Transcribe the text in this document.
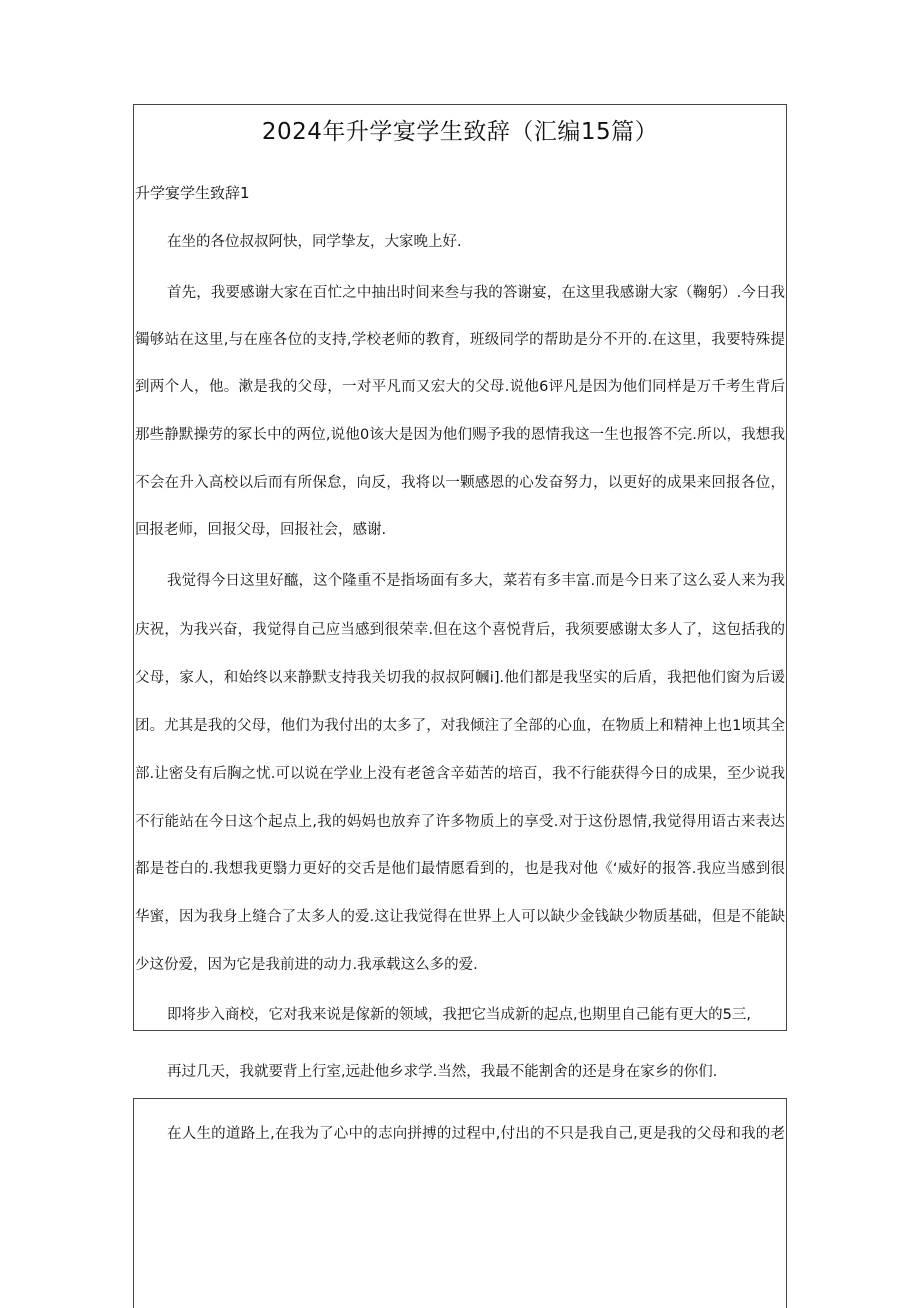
2024年升学宴学生致辞（汇编15篇）
升学宴学生致辞1
在坐的各位叔叔阿快，同学挚友，大家晚上好.
首先，我要感谢大家在百忙之中抽出时间来叁与我的答谢宴，在这里我感谢大家（鞠躬）.今日我
镯够站在这里,与在座各位的支持,学校老师的教育，班级同学的帮助是分不开的.在这里，我要特殊提
到两个人，他。漱是我的父母，一对平凡而又宏大的父母.说他6评凡是因为他们同样是万千考生背后
那些静默操劳的冢长中的两位,说他0该大是因为他们赐予我的恩情我这一生也报答不完.所以，我想我
不会在升入高校以后而有所保怠，向反，我将以一颗感恩的心发奋努力，以更好的成果来回报各位，
回报老师，回报父母，回报社会，感谢.
我觉得今日这里好醯，这个隆重不是指场面有多大，菜若有多丰富.而是今日来了这么妥人来为我
庆祝，为我兴奋，我觉得自己应当感到很荣幸.但在这个喜悦背后，我须要感谢太多人了，这包括我的
父母，家人，和始终以来静默支持我关切我的叔叔阿幗i].他们都是我坚实的后盾，我把他们窗为后谖
团。尤其是我的父母，他们为我付出的太多了，对我倾注了全部的心血，在物质上和精神上也1顷其全
部.让密殳有后胸之忧.可以说在学业上没有老爸含辛茹苦的培百，我不行能获得今日的成果，至少说我
不行能站在今日这个起点上,我的妈妈也放弃了许多物质上的享受.对于这份恩情,我觉得用语古来表达
都是苍白的.我想我更翳力更好的交舌是他们最情愿看到的，也是我对他《‘威好的报答.我应当感到很
华蜜，因为我身上缝合了太多人的爱.这让我觉得在世界上人可以缺少金钱缺少物质基础，但是不能缺
少这份爱，因为它是我前进的动力.我承载这么多的爱.
即将步入商校，它对我来说是傢新的领域，我把它当成新的起点,也期里自己能有更大的5三,
再过几天，我就要背上行室,远赴他乡求学.当然，我最不能割舍的还是身在家乡的你们.
在人生的道路上,在我为了心中的志向拼搏的过程中,付出的不只是我自己,更是我的父母和我的老
